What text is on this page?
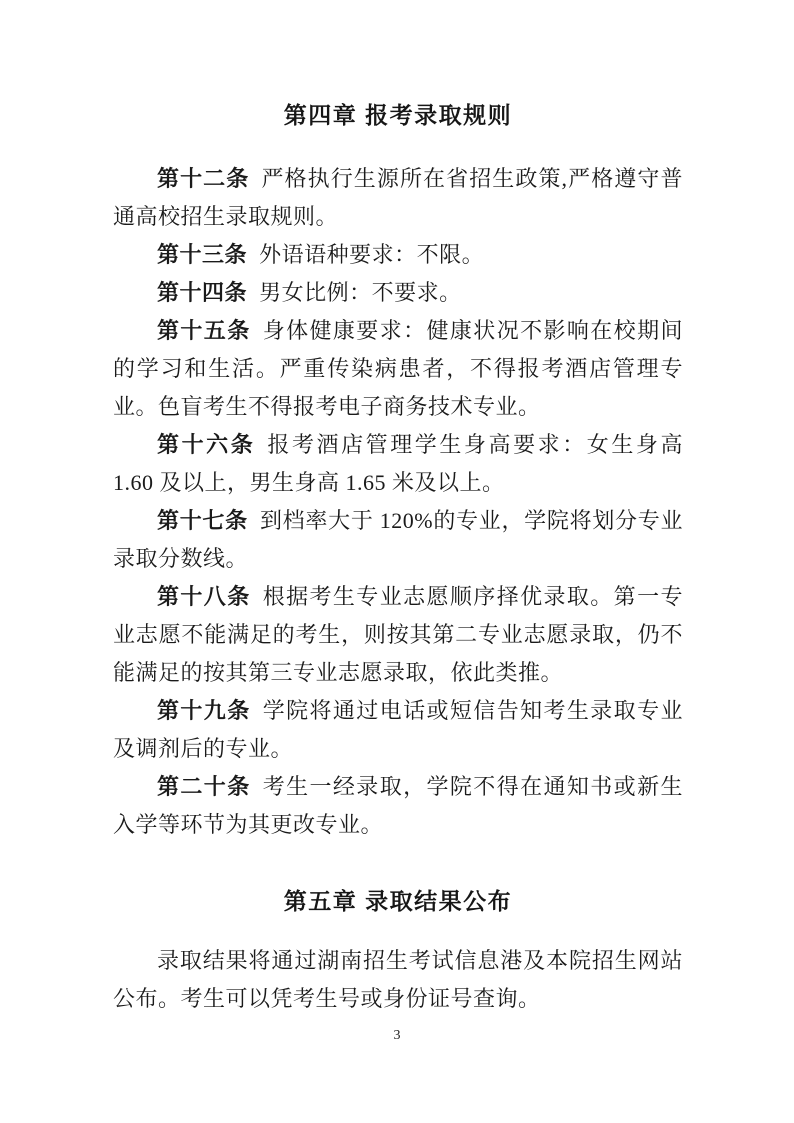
第四章 报考录取规则

第十二条 严格执行生源所在省招生政策,严格遵守普通高校招生录取规则。

第十三条 外语语种要求：不限。

第十四条 男女比例：不要求。

第十五条 身体健康要求：健康状况不影响在校期间的学习和生活。严重传染病患者，不得报考酒店管理专业。色盲考生不得报考电子商务技术专业。

第十六条 报考酒店管理学生身高要求：女生身高 1.60 及以上，男生身高 1.65 米及以上。

第十七条 到档率大于 120%的专业，学院将划分专业录取分数线。

第十八条 根据考生专业志愿顺序择优录取。第一专业志愿不能满足的考生，则按其第二专业志愿录取，仍不能满足的按其第三专业志愿录取，依此类推。

第十九条 学院将通过电话或短信告知考生录取专业及调剂后的专业。

第二十条 考生一经录取，学院不得在通知书或新生入学等环节为其更改专业。

第五章 录取结果公布

录取结果将通过湖南招生考试信息港及本院招生网站公布。考生可以凭考生号或身份证号查询。

3
